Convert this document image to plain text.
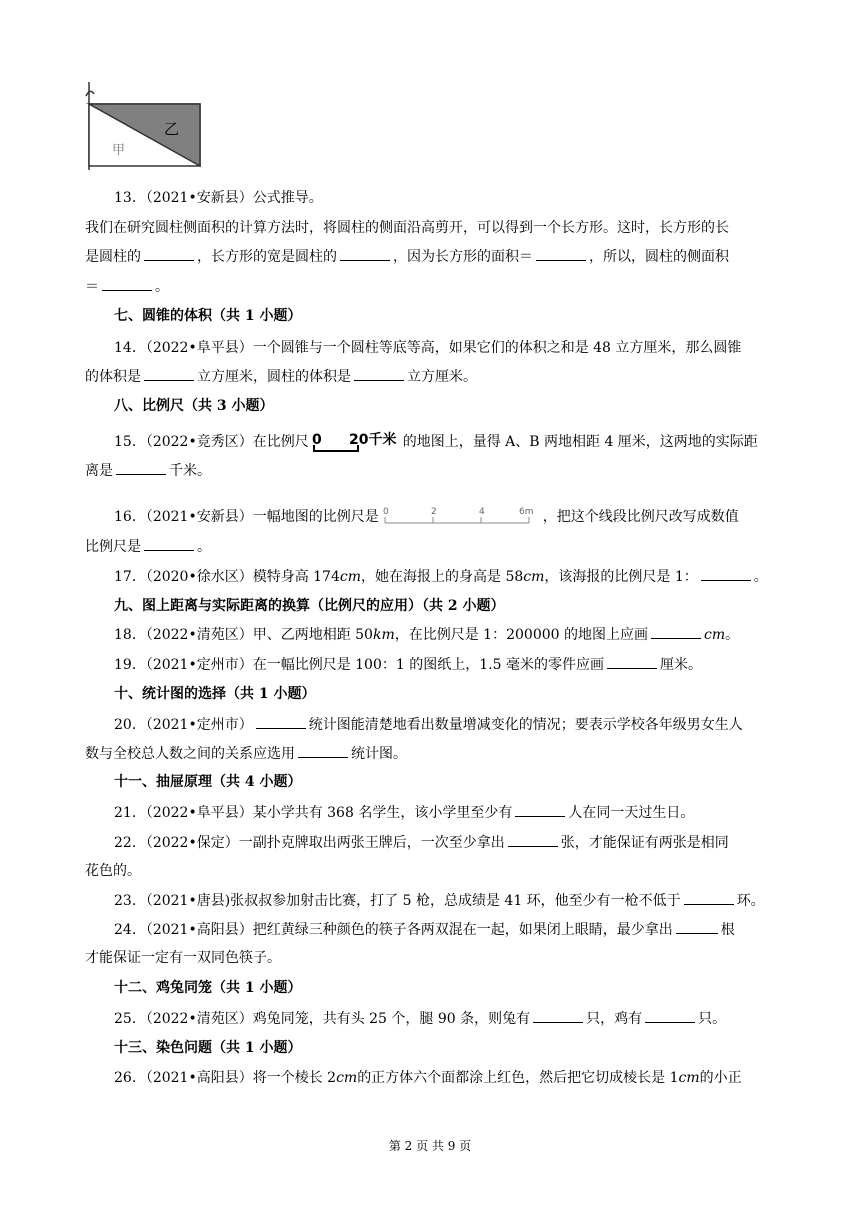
乙
甲
13．（2021•安新县）公式推导。
我们在研究圆柱侧面积的计算方法时，将圆柱的侧面沿高剪开，可以得到一个长方形。这时，长方形的长
是圆柱的	，长方形的宽是圆柱的	，因为长方形的面积＝	，所以，圆柱的侧面积
＝	。
七、圆锥的体积（共 1 小题）
14．（2022•阜平县）一个圆锥与一个圆柱等底等高，如果它们的体积之和是 48 立方厘米，那么圆锥
的体积是	立方厘米，圆柱的体积是	立方厘米。
八、比例尺（共 3 小题）
15．（2022•竞秀区）在比例尺 0 20千米 的地图上，量得 A、B 两地相距 4 厘米，这两地的实际距
离是	千米。
16．（2021•安新县）一幅地图的比例尺是 0	2	4	6m ，把这个线段比例尺改写成数值
比例尺是	。
17．（2020•徐水区）模特身高 174cm，她在海报上的身高是 58cm，该海报的比例尺是 1：	。
九、图上距离与实际距离的换算（比例尺的应用）（共 2 小题）
18．（2022•清苑区）甲、乙两地相距 50km，在比例尺是 1：200000 的地图上应画	cm。
19．（2021•定州市）在一幅比例尺是 100：1 的图纸上，1.5 毫米的零件应画	厘米。
十、统计图的选择（共 1 小题）
20．（2021•定州市）	统计图能清楚地看出数量增减变化的情况；要表示学校各年级男女生人
数与全校总人数之间的关系应选用	统计图。
十一、抽屉原理（共 4 小题）
21．（2022•阜平县）某小学共有 368 名学生，该小学里至少有	人在同一天过生日。
22．（2022•保定）一副扑克牌取出两张王牌后，一次至少拿出	张，才能保证有两张是相同
花色的。
23．（2021•唐县)张叔叔参加射击比赛，打了 5 枪，总成绩是 41 环，他至少有一枪不低于	环。
24．（2021•高阳县）把红黄绿三种颜色的筷子各两双混在一起，如果闭上眼睛，最少拿出	根
才能保证一定有一双同色筷子。
十二、鸡兔同笼（共 1 小题）
25．（2022•清苑区）鸡兔同笼，共有头 25 个，腿 90 条，则兔有	只，鸡有	只。
十三、染色问题（共 1 小题）
26．（2021•高阳县）将一个棱长 2cm的正方体六个面都涂上红色，然后把它切成棱长是 1cm的小正
第 2 页 共 9 页
